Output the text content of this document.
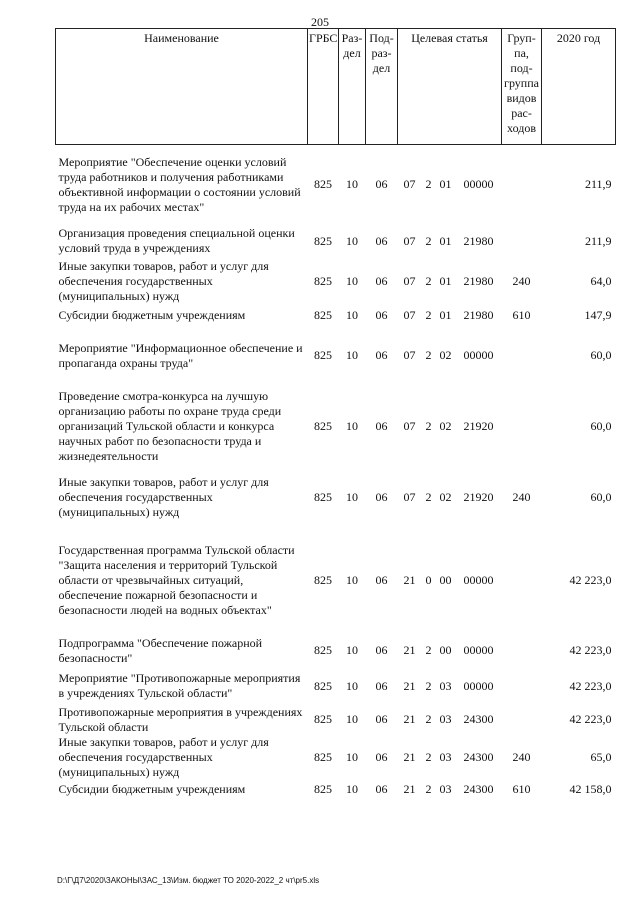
205
Наименование	ГРБС	Раз-дел	Под-раз-дел	Целевая статья				Груп-па, под-группа видов рас-ходов	2020 год
Мероприятие "Обеспечение оценки условий труда работников и получения работниками объективной информации о состоянии условий труда на их рабочих местах"	825	10	06	07	2	01	00000		211,9
Организация проведения специальной оценки условий труда в учреждениях	825	10	06	07	2	01	21980		211,9
Иные закупки товаров, работ и услуг для обеспечения государственных (муниципальных) нужд	825	10	06	07	2	01	21980	240	64,0
Субсидии бюджетным учреждениям	825	10	06	07	2	01	21980	610	147,9
Мероприятие "Информационное обеспечение и пропаганда охраны труда"	825	10	06	07	2	02	00000		60,0
Проведение смотра-конкурса на лучшую организацию работы по охране труда среди организаций Тульской области и конкурса научных работ по безопасности труда и жизнедеятельности	825	10	06	07	2	02	21920		60,0
Иные закупки товаров, работ и услуг для обеспечения государственных (муниципальных) нужд	825	10	06	07	2	02	21920	240	60,0
Государственная программа Тульской области "Защита населения и территорий Тульской области от чрезвычайных ситуаций, обеспечение пожарной безопасности и безопасности людей на водных объектах"	825	10	06	21	0	00	00000		42 223,0
Подпрограмма "Обеспечение пожарной безопасности"	825	10	06	21	2	00	00000		42 223,0
Мероприятие "Противопожарные мероприятия в учреждениях Тульской области"	825	10	06	21	2	03	00000		42 223,0
Противопожарные мероприятия в учреждениях Тульской области	825	10	06	21	2	03	24300		42 223,0
Иные закупки товаров, работ и услуг для обеспечения государственных (муниципальных) нужд	825	10	06	21	2	03	24300	240	65,0
Субсидии бюджетным учреждениям	825	10	06	21	2	03	24300	610	42 158,0
D:\Г\Д7\2020\ЗАКОНЫ\ЗАС_13\Изм. бюджет ТО 2020-2022_2 чт\pr5.xls
